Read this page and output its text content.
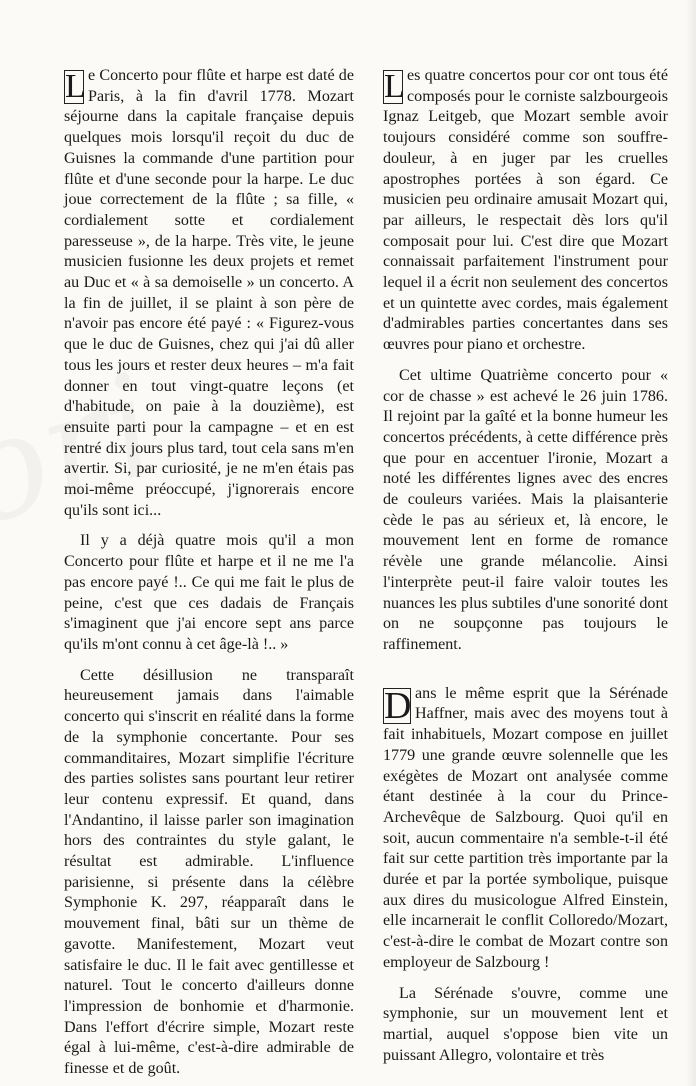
L e Concerto pour flûte et harpe est daté de Paris, à la fin d'avril 1778. Mozart séjourne dans la capitale française depuis quelques mois lorsqu'il reçoit du duc de Guisnes la commande d'une partition pour flûte et d'une seconde pour la harpe. Le duc joue correctement de la flûte ; sa fille, « cordialement sotte et cordialement paresseuse », de la harpe. Très vite, le jeune musicien fusionne les deux projets et remet au Duc et « à sa demoiselle » un concerto. A la fin de juillet, il se plaint à son père de n'avoir pas encore été payé : « Figurez-vous que le duc de Guisnes, chez qui j'ai dû aller tous les jours et rester deux heures – m'a fait donner en tout vingt-quatre leçons (et d'habitude, on paie à la douzième), est ensuite parti pour la campagne – et en est rentré dix jours plus tard, tout cela sans m'en avertir. Si, par curiosité, je ne m'en étais pas moi-même préoccupé, j'ignorerais encore qu'ils sont ici...

Il y a déjà quatre mois qu'il a mon Concerto pour flûte et harpe et il ne me l'a pas encore payé !.. Ce qui me fait le plus de peine, c'est que ces dadais de Français s'imaginent que j'ai encore sept ans parce qu'ils m'ont connu à cet âge-là !.. »

Cette désillusion ne transparaît heureusement jamais dans l'aimable concerto qui s'inscrit en réalité dans la forme de la symphonie concertante. Pour ses commanditaires, Mozart simplifie l'écriture des parties solistes sans pourtant leur retirer leur contenu expressif. Et quand, dans l'Andantino, il laisse parler son imagination hors des contraintes du style galant, le résultat est admirable. L'influence parisienne, si présente dans la célèbre Symphonie K. 297, réapparaît dans le mouvement final, bâti sur un thème de gavotte. Manifestement, Mozart veut satisfaire le duc. Il le fait avec gentillesse et naturel. Tout le concerto d'ailleurs donne l'impression de bonhomie et d'harmonie. Dans l'effort d'écrire simple, Mozart reste égal à lui-même, c'est-à-dire admirable de finesse et de goût.

L es quatre concertos pour cor ont tous été composés pour le corniste salzbourgeois Ignaz Leitgeb, que Mozart semble avoir toujours considéré comme son souffre-douleur, à en juger par les cruelles apostrophes portées à son égard. Ce musicien peu ordinaire amusait Mozart qui, par ailleurs, le respectait dès lors qu'il composait pour lui. C'est dire que Mozart connaissait parfaitement l'instrument pour lequel il a écrit non seulement des concertos et un quintette avec cordes, mais également d'admirables parties concertantes dans ses œuvres pour piano et orchestre.

Cet ultime Quatrième concerto pour « cor de chasse » est achevé le 26 juin 1786. Il rejoint par la gaîté et la bonne humeur les concertos précédents, à cette différence près que pour en accentuer l'ironie, Mozart a noté les différentes lignes avec des encres de couleurs variées. Mais la plaisanterie cède le pas au sérieux et, là encore, le mouvement lent en forme de romance révèle une grande mélancolie. Ainsi l'interprète peut-il faire valoir toutes les nuances les plus subtiles d'une sonorité dont on ne soupçonne pas toujours le raffinement.

D ans le même esprit que la Sérénade Haffner, mais avec des moyens tout à fait inhabituels, Mozart compose en juillet 1779 une grande œuvre solennelle que les exégètes de Mozart ont analysée comme étant destinée à la cour du Prince-Archevêque de Salzbourg. Quoi qu'il en soit, aucun commentaire n'a semble-t-il été fait sur cette partition très importante par la durée et par la portée symbolique, puisque aux dires du musicologue Alfred Einstein, elle incarnerait le conflit Colloredo/Mozart, c'est-à-dire le combat de Mozart contre son employeur de Salzbourg !

La Sérénade s'ouvre, comme une symphonie, sur un mouvement lent et martial, auquel s'oppose bien vite un puissant Allegro, volontaire et très
